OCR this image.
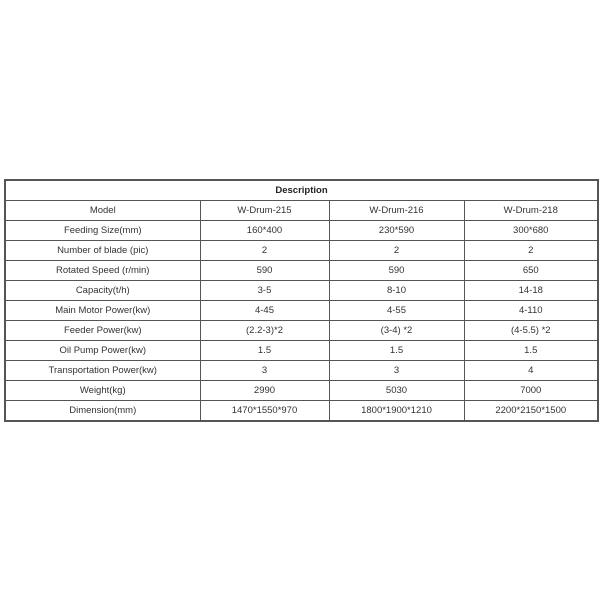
Description			
Model	W-Drum-215	W-Drum-216	W-Drum-218
Feeding Size(mm)	160*400	230*590	300*680
Number of blade (pic)	2	2	2
Rotated Speed (r/min)	590	590	650
Capacity(t/h)	3-5	8-10	14-18
Main Motor Power(kw)	4-45	4-55	4-110
Feeder Power(kw)	(2.2-3)*2	(3-4) *2	(4-5.5) *2
Oil Pump Power(kw)	1.5	1.5	1.5
Transportation Power(kw)	3	3	4
Weight(kg)	2990	5030	7000
Dimension(mm)	1470*1550*970	1800*1900*1210	2200*2150*1500
